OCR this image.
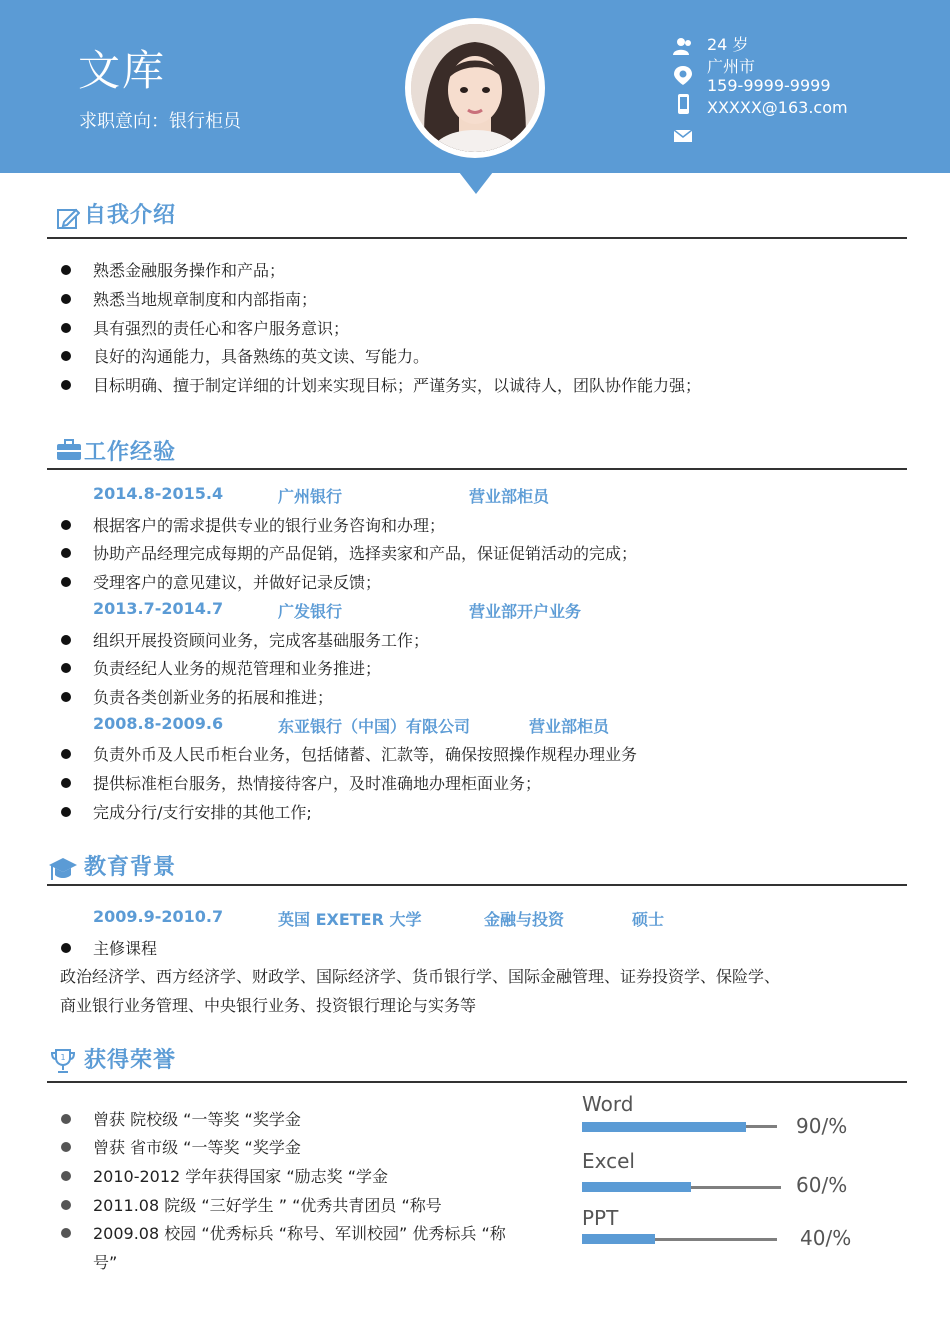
文库
求职意向：银行柜员
24 岁
广州市
159-9999-9999
XXXXX@163.com
自我介绍
熟悉金融服务操作和产品；
熟悉当地规章制度和内部指南；
具有强烈的责任心和客户服务意识；
良好的沟通能力，具备熟练的英文读、写能力。
目标明确、擅于制定详细的计划来实现目标；严谨务实，以诚待人，团队协作能力强；
工作经验
2014.8-2015.4	广州银行	营业部柜员
根据客户的需求提供专业的银行业务咨询和办理；
协助产品经理完成每期的产品促销，选择卖家和产品，保证促销活动的完成；
受理客户的意见建议，并做好记录反馈；
2013.7-2014.7	广发银行	营业部开户业务
组织开展投资顾问业务，完成客基础服务工作；
负责经纪人业务的规范管理和业务推进；
负责各类创新业务的拓展和推进；
2008.8-2009.6	东亚银行（中国）有限公司	营业部柜员
负责外币及人民币柜台业务，包括储蓄、汇款等，确保按照操作规程办理业务
提供标准柜台服务，热情接待客户，及时准确地办理柜面业务；
完成分行/支行安排的其他工作;
教育背景
2009.9-2010.7	英国 EXETER 大学	金融与投资	硕士
主修课程
政治经济学、西方经济学、财政学、国际经济学、货币银行学、国际金融管理、证券投资学、保险学、
商业银行业务管理、中央银行业务、投资银行理论与实务等
1 获得荣誉
曾获 院校级 “一等奖 “奖学金
曾获 省市级 “一等奖 “奖学金
2010-2012 学年获得国家 “励志奖 “学金
2011.08 院级 “三好学生 ” “优秀共青团员 “称号
2009.08 校园 “优秀标兵 “称号、军训校园” 优秀标兵 “称
号”
Word
90/%
Excel
60/%
PPT
40/%
